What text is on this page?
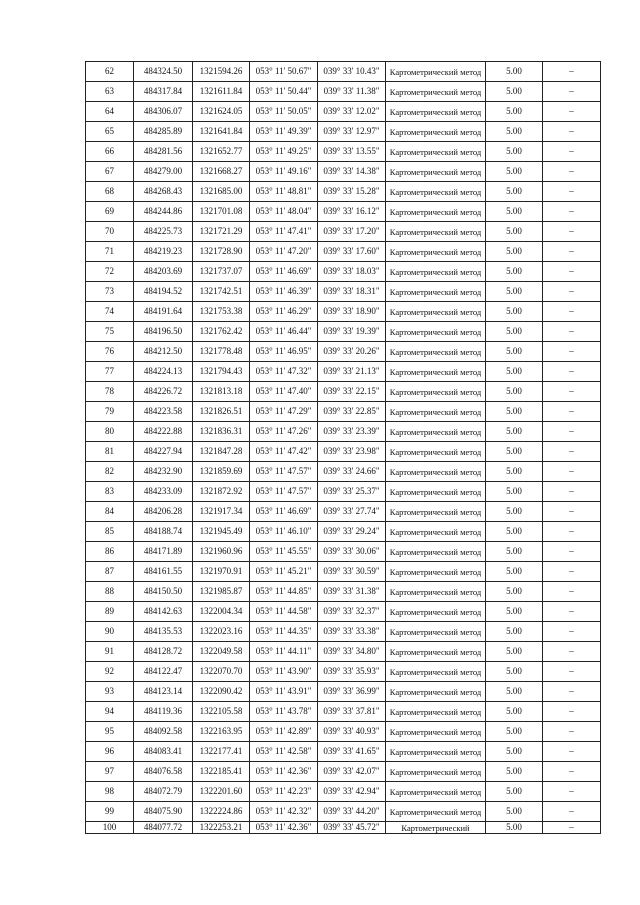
62	484324.50	1321594.26	053° 11' 50.67"	039° 33' 10.43"	Картометрический метод	5.00	–
63	484317.84	1321611.84	053° 11' 50.44"	039° 33' 11.38"	Картометрический метод	5.00	–
64	484306.07	1321624.05	053° 11' 50.05"	039° 33' 12.02"	Картометрический метод	5.00	–
65	484285.89	1321641.84	053° 11' 49.39"	039° 33' 12.97"	Картометрический метод	5.00	–
66	484281.56	1321652.77	053° 11' 49.25"	039° 33' 13.55"	Картометрический метод	5.00	–
67	484279.00	1321668.27	053° 11' 49.16"	039° 33' 14.38"	Картометрический метод	5.00	–
68	484268.43	1321685.00	053° 11' 48.81"	039° 33' 15.28"	Картометрический метод	5.00	–
69	484244.86	1321701.08	053° 11' 48.04"	039° 33' 16.12"	Картометрический метод	5.00	–
70	484225.73	1321721.29	053° 11' 47.41"	039° 33' 17.20"	Картометрический метод	5.00	–
71	484219.23	1321728.90	053° 11' 47.20"	039° 33' 17.60"	Картометрический метод	5.00	–
72	484203.69	1321737.07	053° 11' 46.69"	039° 33' 18.03"	Картометрический метод	5.00	–
73	484194.52	1321742.51	053° 11' 46.39"	039° 33' 18.31"	Картометрический метод	5.00	–
74	484191.64	1321753.38	053° 11' 46.29"	039° 33' 18.90"	Картометрический метод	5.00	–
75	484196.50	1321762.42	053° 11' 46.44"	039° 33' 19.39"	Картометрический метод	5.00	–
76	484212.50	1321778.48	053° 11' 46.95"	039° 33' 20.26"	Картометрический метод	5.00	–
77	484224.13	1321794.43	053° 11' 47.32"	039° 33' 21.13"	Картометрический метод	5.00	–
78	484226.72	1321813.18	053° 11' 47.40"	039° 33' 22.15"	Картометрический метод	5.00	–
79	484223.58	1321826.51	053° 11' 47.29"	039° 33' 22.85"	Картометрический метод	5.00	–
80	484222.88	1321836.31	053° 11' 47.26"	039° 33' 23.39"	Картометрический метод	5.00	–
81	484227.94	1321847.28	053° 11' 47.42"	039° 33' 23.98"	Картометрический метод	5.00	–
82	484232.90	1321859.69	053° 11' 47.57"	039° 33' 24.66"	Картометрический метод	5.00	–
83	484233.09	1321872.92	053° 11' 47.57"	039° 33' 25.37"	Картометрический метод	5.00	–
84	484206.28	1321917.34	053° 11' 46.69"	039° 33' 27.74"	Картометрический метод	5.00	–
85	484188.74	1321945.49	053° 11' 46.10"	039° 33' 29.24"	Картометрический метод	5.00	–
86	484171.89	1321960.96	053° 11' 45.55"	039° 33' 30.06"	Картометрический метод	5.00	–
87	484161.55	1321970.91	053° 11' 45.21"	039° 33' 30.59"	Картометрический метод	5.00	–
88	484150.50	1321985.87	053° 11' 44.85"	039° 33' 31.38"	Картометрический метод	5.00	–
89	484142.63	1322004.34	053° 11' 44.58"	039° 33' 32.37"	Картометрический метод	5.00	–
90	484135.53	1322023.16	053° 11' 44.35"	039° 33' 33.38"	Картометрический метод	5.00	–
91	484128.72	1322049.58	053° 11' 44.11"	039° 33' 34.80"	Картометрический метод	5.00	–
92	484122.47	1322070.70	053° 11' 43.90"	039° 33' 35.93"	Картометрический метод	5.00	–
93	484123.14	1322090.42	053° 11' 43.91"	039° 33' 36.99"	Картометрический метод	5.00	–
94	484119.36	1322105.58	053° 11' 43.78"	039° 33' 37.81"	Картометрический метод	5.00	–
95	484092.58	1322163.95	053° 11' 42.89"	039° 33' 40.93"	Картометрический метод	5.00	–
96	484083.41	1322177.41	053° 11' 42.58"	039° 33' 41.65"	Картометрический метод	5.00	–
97	484076.58	1322185.41	053° 11' 42.36"	039° 33' 42.07"	Картометрический метод	5.00	–
98	484072.79	1322201.60	053° 11' 42.23"	039° 33' 42.94"	Картометрический метод	5.00	–
99	484075.90	1322224.86	053° 11' 42.32"	039° 33' 44.20"	Картометрический метод	5.00	–
100	484077.72	1322253.21	053° 11' 42.36"	039° 33' 45.72"	Картометрический	5.00	–
